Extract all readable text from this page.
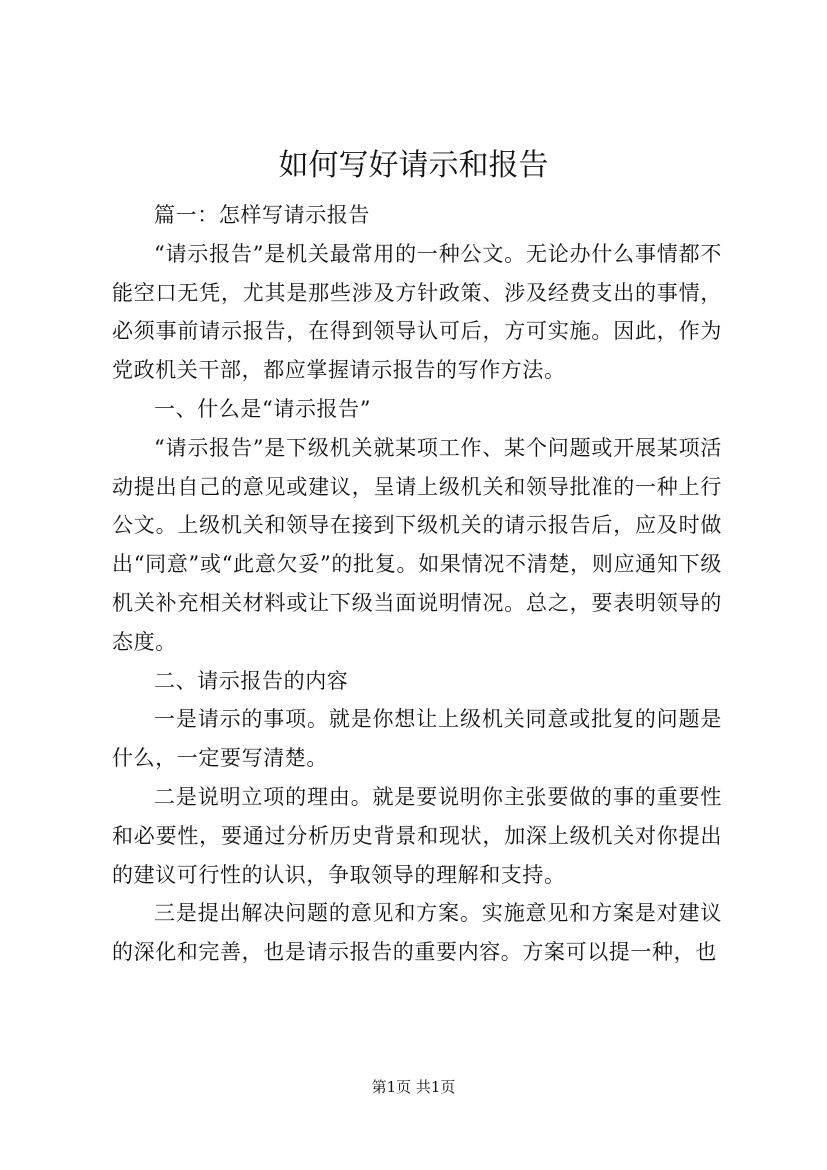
如何写好请示和报告

篇一：怎样写请示报告

“请示报告”是机关最常用的一种公文。无论办什么事情都不能空口无凭，尤其是那些涉及方针政策、涉及经费支出的事情，必须事前请示报告，在得到领导认可后，方可实施。因此，作为党政机关干部，都应掌握请示报告的写作方法。

一、什么是“请示报告”

“请示报告”是下级机关就某项工作、某个问题或开展某项活动提出自己的意见或建议，呈请上级机关和领导批准的一种上行公文。上级机关和领导在接到下级机关的请示报告后，应及时做出“同意”或“此意欠妥”的批复。如果情况不清楚，则应通知下级机关补充相关材料或让下级当面说明情况。总之，要表明领导的态度。

二、请示报告的内容

一是请示的事项。就是你想让上级机关同意或批复的问题是什么，一定要写清楚。

二是说明立项的理由。就是要说明你主张要做的事的重要性和必要性，要通过分析历史背景和现状，加深上级机关对你提出的建议可行性的认识，争取领导的理解和支持。

三是提出解决问题的意见和方案。实施意见和方案是对建议的深化和完善，也是请示报告的重要内容。方案可以提一种，也

第1页 共1页
